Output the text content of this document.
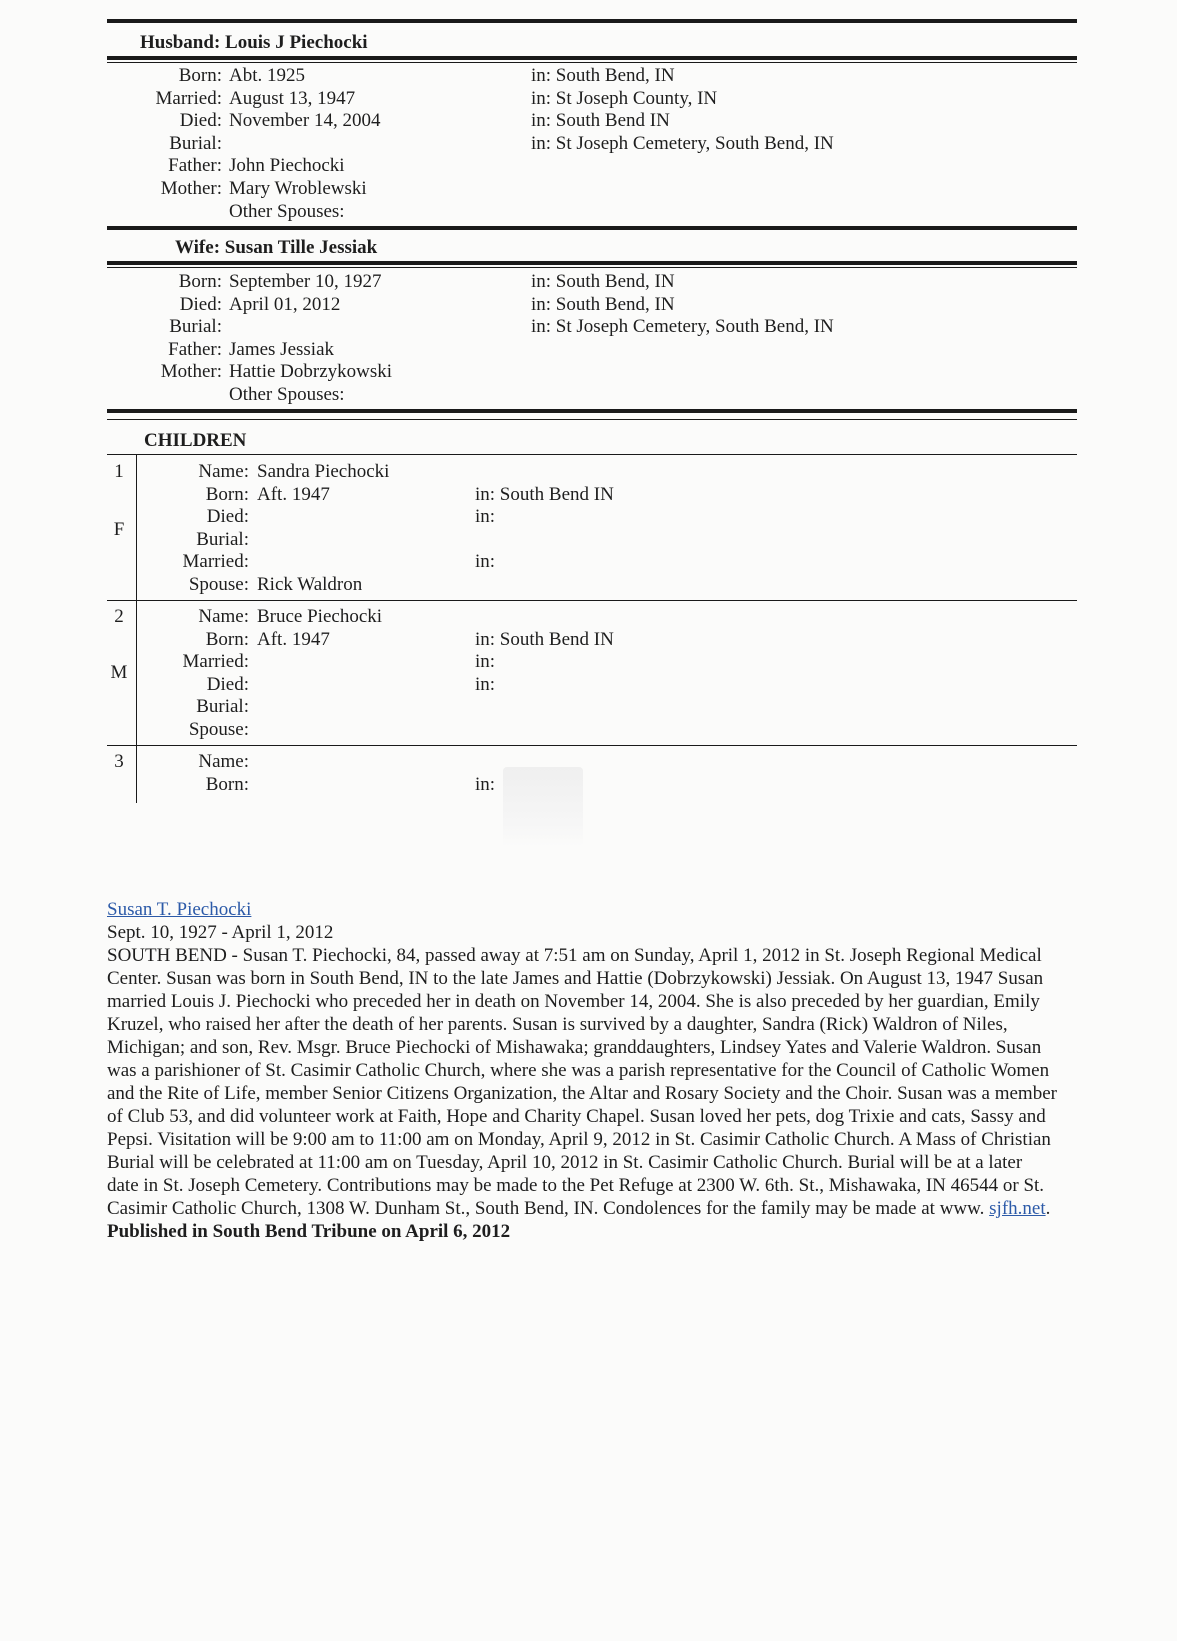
Husband: Louis J Piechocki
Born: Abt. 1925	in: South Bend, IN
Married: August 13, 1947	in: St Joseph County, IN
Died: November 14, 2004	in: South Bend IN
Burial:	in: St Joseph Cemetery, South Bend, IN
Father: John Piechocki
Mother: Mary Wroblewski
Other Spouses:
Wife: Susan Tille Jessiak
Born: September 10, 1927	in: South Bend, IN
Died: April 01, 2012	in: South Bend, IN
Burial:	in: St Joseph Cemetery, South Bend, IN
Father: James Jessiak
Mother: Hattie Dobrzykowski
Other Spouses:
CHILDREN
1
F
Name: Sandra Piechocki
Born: Aft. 1947	in: South Bend IN
Died:	in:
Burial:
Married:	in:
Spouse: Rick Waldron
2
M
Name: Bruce Piechocki
Born: Aft. 1947	in: South Bend IN
Married:	in:
Died:	in:
Burial:
Spouse:
3	Name:
Born:	in:

Susan T. Piechocki

Sept. 10, 1927 - April 1, 2012

SOUTH BEND - Susan T. Piechocki, 84, passed away at 7:51 am on Sunday, April 1, 2012 in St. Joseph Regional Medical Center. Susan was born in South Bend, IN to the late James and Hattie (Dobrzykowski) Jessiak. On August 13, 1947 Susan married Louis J. Piechocki who preceded her in death on November 14, 2004. She is also preceded by her guardian, Emily Kruzel, who raised her after the death of her parents. Susan is survived by a daughter, Sandra (Rick) Waldron of Niles, Michigan; and son, Rev. Msgr. Bruce Piechocki of Mishawaka; granddaughters, Lindsey Yates and Valerie Waldron. Susan was a parishioner of St. Casimir Catholic Church, where she was a parish representative for the Council of Catholic Women and the Rite of Life, member Senior Citizens Organization, the Altar and Rosary Society and the Choir. Susan was a member of Club 53, and did volunteer work at Faith, Hope and Charity Chapel. Susan loved her pets, dog Trixie and cats, Sassy and Pepsi. Visitation will be 9:00 am to 11:00 am on Monday, April 9, 2012 in St. Casimir Catholic Church. A Mass of Christian Burial will be celebrated at 11:00 am on Tuesday, April 10, 2012 in St. Casimir Catholic Church. Burial will be at a later date in St. Joseph Cemetery. Contributions may be made to the Pet Refuge at 2300 W. 6th. St., Mishawaka, IN 46544 or St. Casimir Catholic Church, 1308 W. Dunham St., South Bend, IN. Condolences for the family may be made at www. sjfh.net.

Published in South Bend Tribune on April 6, 2012
